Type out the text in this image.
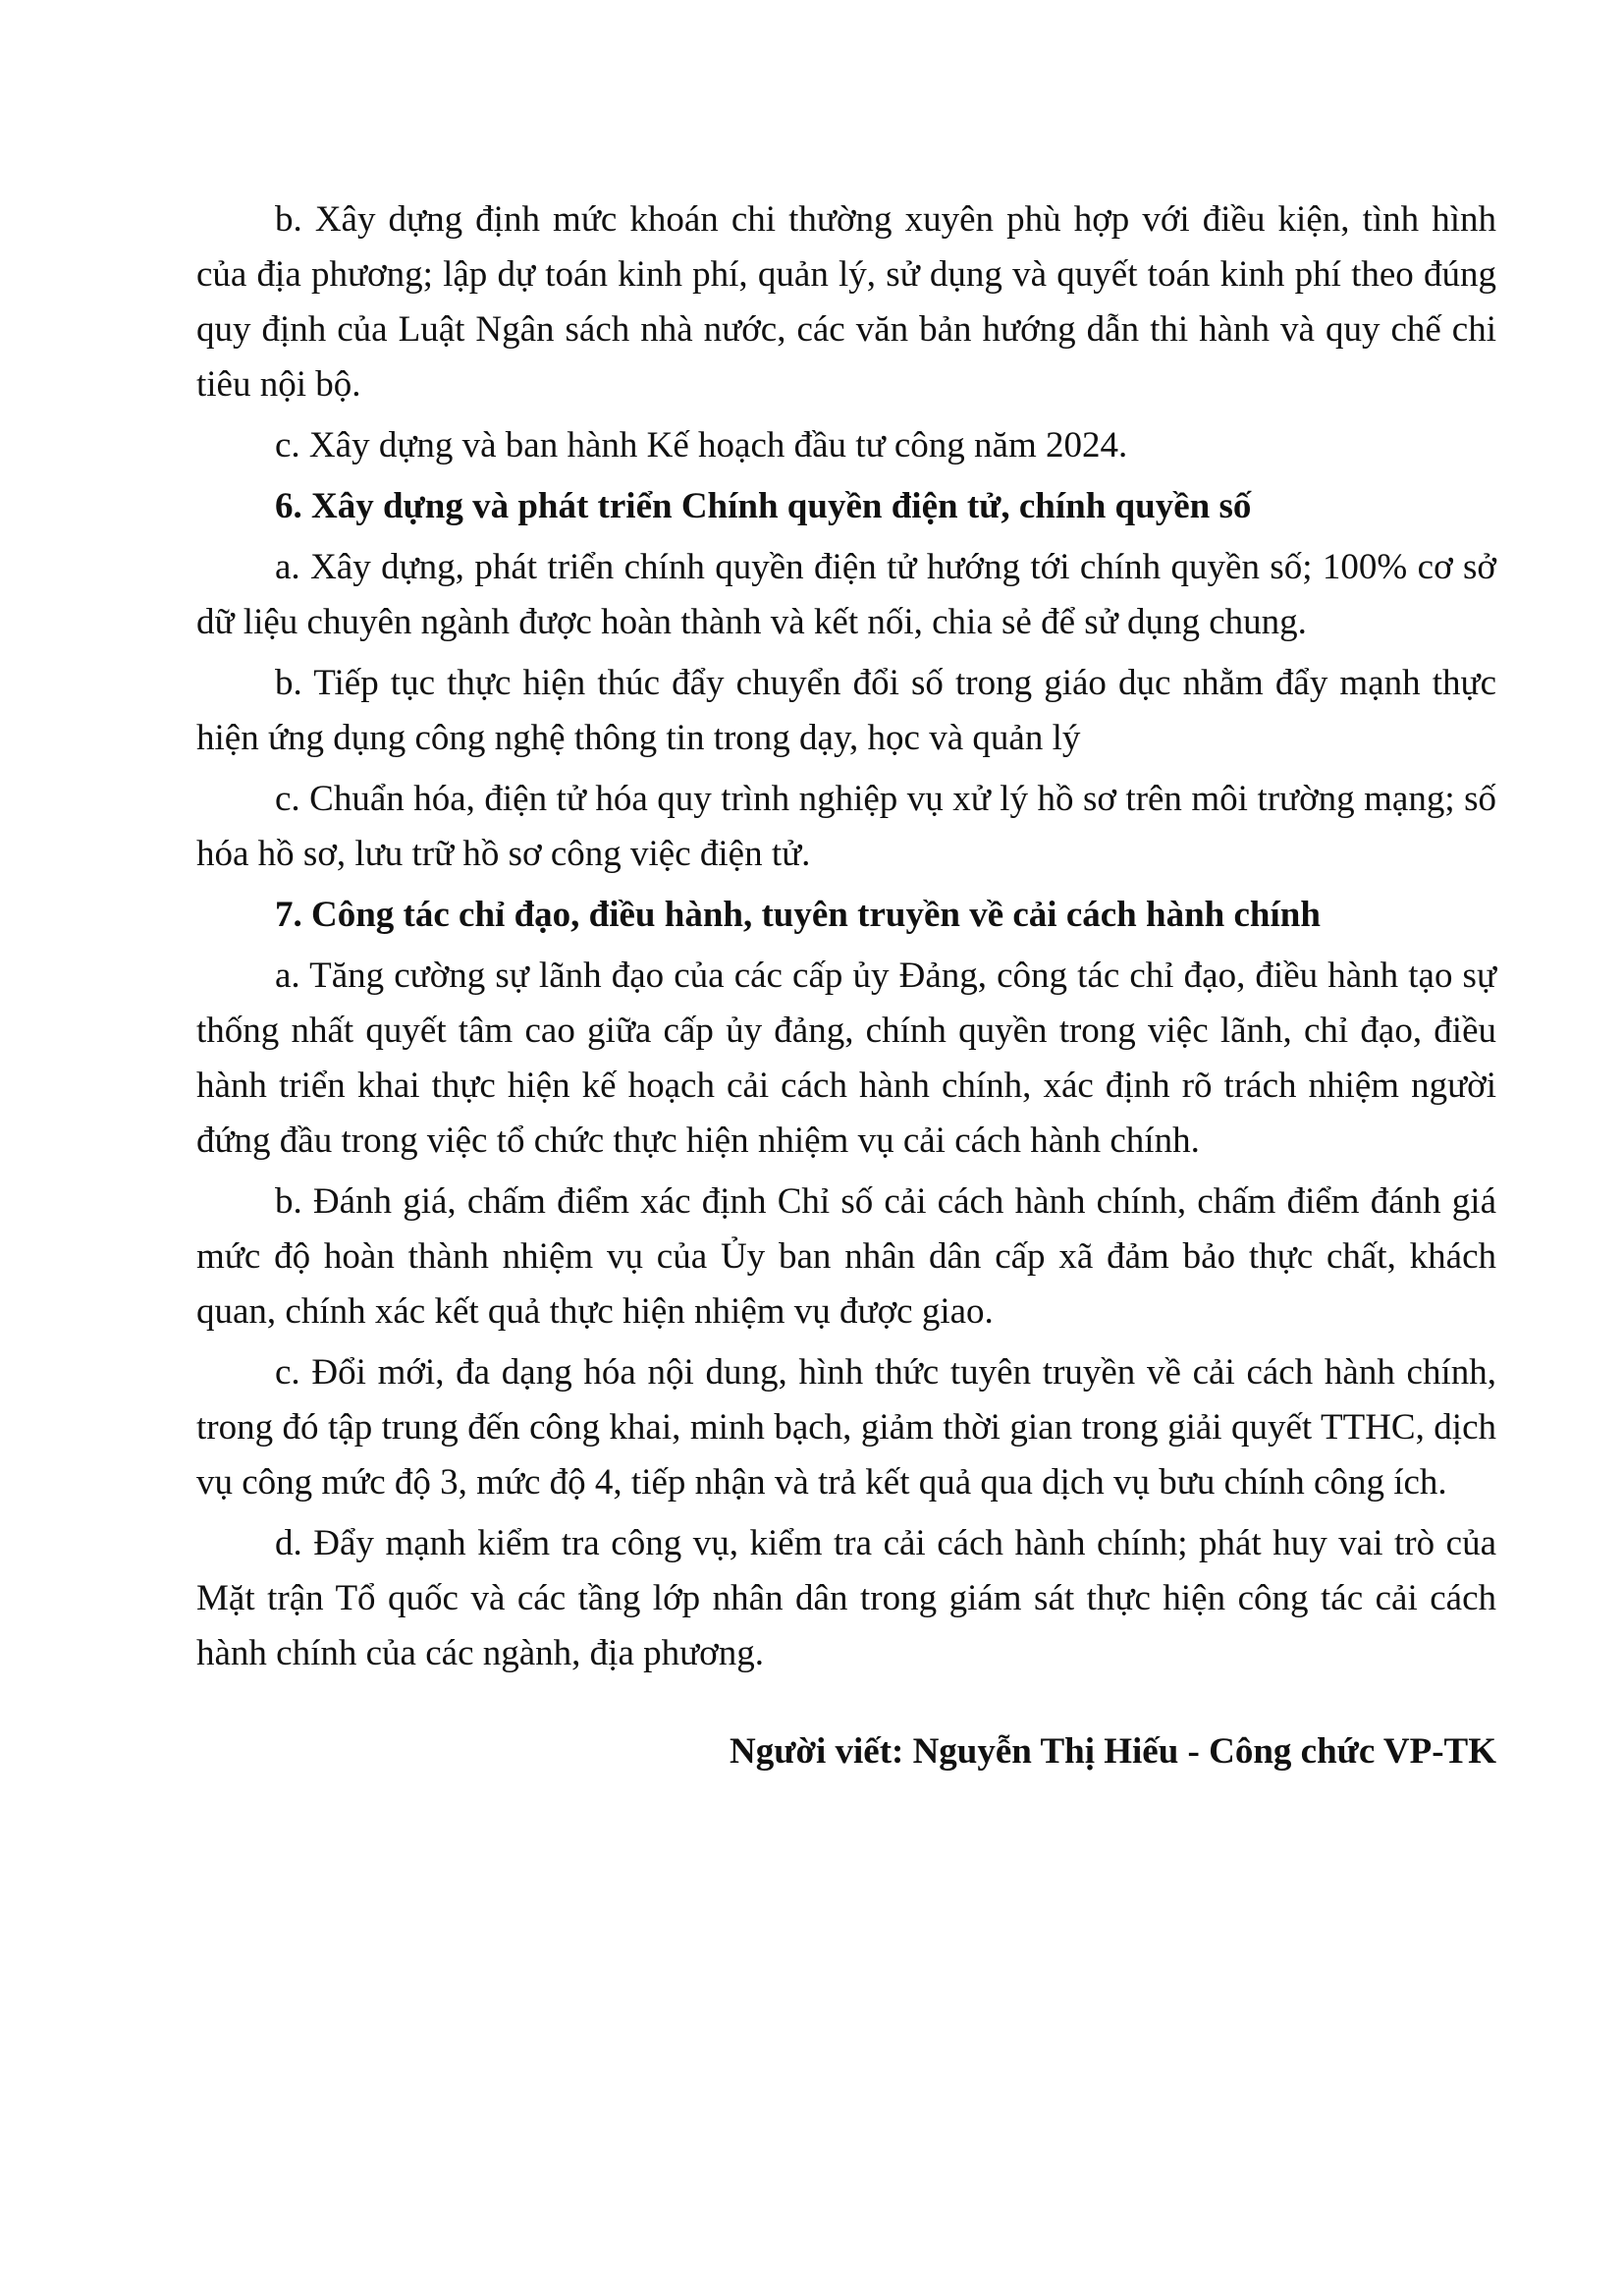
b. Xây dựng định mức khoán chi thường xuyên phù hợp với điều kiện, tình hình của địa phương; lập dự toán kinh phí, quản lý, sử dụng và quyết toán kinh phí theo đúng quy định của Luật Ngân sách nhà nước, các văn bản hướng dẫn thi hành và quy chế chi tiêu nội bộ.

c. Xây dựng và ban hành Kế hoạch đầu tư công năm 2024.

6. Xây dựng và phát triển Chính quyền điện tử, chính quyền số

a. Xây dựng, phát triển chính quyền điện tử hướng tới chính quyền số; 100% cơ sở dữ liệu chuyên ngành được hoàn thành và kết nối, chia sẻ để sử dụng chung.

b. Tiếp tục thực hiện thúc đẩy chuyển đổi số trong giáo dục nhằm đẩy mạnh thực hiện ứng dụng công nghệ thông tin trong dạy, học và quản lý

c. Chuẩn hóa, điện tử hóa quy trình nghiệp vụ xử lý hồ sơ trên môi trường mạng; số hóa hồ sơ, lưu trữ hồ sơ công việc điện tử.

7. Công tác chỉ đạo, điều hành, tuyên truyền về cải cách hành chính

a. Tăng cường sự lãnh đạo của các cấp ủy Đảng, công tác chỉ đạo, điều hành tạo sự thống nhất quyết tâm cao giữa cấp ủy đảng, chính quyền trong việc lãnh, chỉ đạo, điều hành triển khai thực hiện kế hoạch cải cách hành chính, xác định rõ trách nhiệm người đứng đầu trong việc tổ chức thực hiện nhiệm vụ cải cách hành chính.

b. Đánh giá, chấm điểm xác định Chỉ số cải cách hành chính, chấm điểm đánh giá mức độ hoàn thành nhiệm vụ của Ủy ban nhân dân cấp xã đảm bảo thực chất, khách quan, chính xác kết quả thực hiện nhiệm vụ được giao.

c. Đổi mới, đa dạng hóa nội dung, hình thức tuyên truyền về cải cách hành chính, trong đó tập trung đến công khai, minh bạch, giảm thời gian trong giải quyết TTHC, dịch vụ công mức độ 3, mức độ 4, tiếp nhận và trả kết quả qua dịch vụ bưu chính công ích.

d. Đẩy mạnh kiểm tra công vụ, kiểm tra cải cách hành chính; phát huy vai trò của Mặt trận Tổ quốc và các tầng lớp nhân dân trong giám sát thực hiện công tác cải cách hành chính của các ngành, địa phương.

Người viết: Nguyễn Thị Hiếu - Công chức VP-TK
